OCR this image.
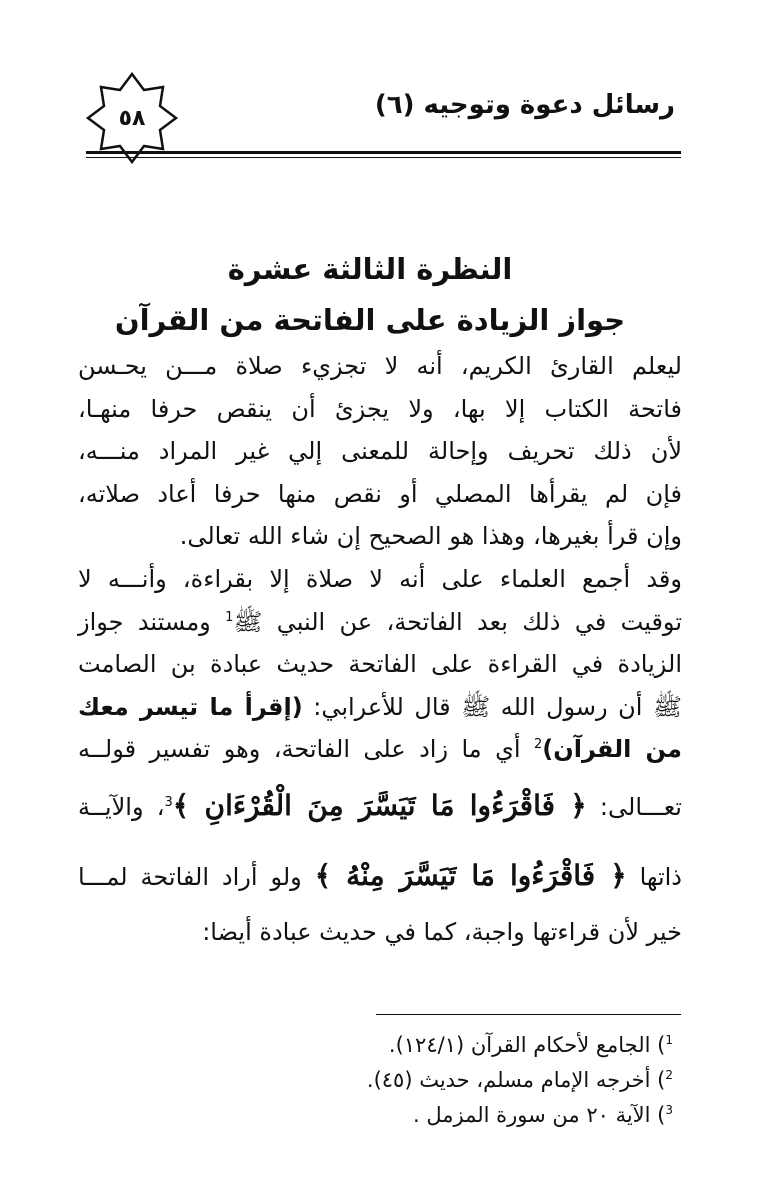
رسائل دعوة وتوجيه (٦)
٥٨
النظرة الثالثة عشرة
جواز الزيادة على الفاتحة من القرآن
ليعلم القارئ الكريم، أنه لا تجزيء صلاة مـــن يحـسن
فاتحة الكتاب إلا بها، ولا يجزئ أن ينقص حرفا منهـا،
لأن ذلك تحريف وإحالة للمعنى إلي غير المراد منـــه،
فإن لم يقرأها المصلي أو نقص منها حرفا أعاد صلاته،
وإن قرأ بغيرها، وهذا هو الصحيح إن شاء الله تعالى.
وقد أجمع العلماء على أنه لا صلاة إلا بقراءة، وأنـــه لا
توقيت في ذلك بعد الفاتحة، عن النبي ﷺ$^1$ ومستند جواز
الزيادة في القراءة على الفاتحة حديث عبادة بن الصامت
ﷺ أن رسول الله ﷺ قال للأعرابي: (إقرأ ما تيسر معك
من القرآن)$^2$ أي ما زاد على الفاتحة، وهو تفسير قولــه
تعـــالى: ﴿ فَاقْرَءُوا مَا تَيَسَّرَ مِنَ الْقُرْءَانِ ﴾$^3$، والآيــة
ذاتها ﴿ فَاقْرَءُوا مَا تَيَسَّرَ مِنْهُ ﴾ ولو أراد الفاتحة لمـــا
خير لأن قراءتها واجبة، كما في حديث عبادة أيضا:
$^1$) الجامع لأحكام القرآن (١٢٤/١).
$^2$) أخرجه الإمام مسلم، حديث (٤٥).
$^3$) الآية ٢٠ من سورة المزمل .
